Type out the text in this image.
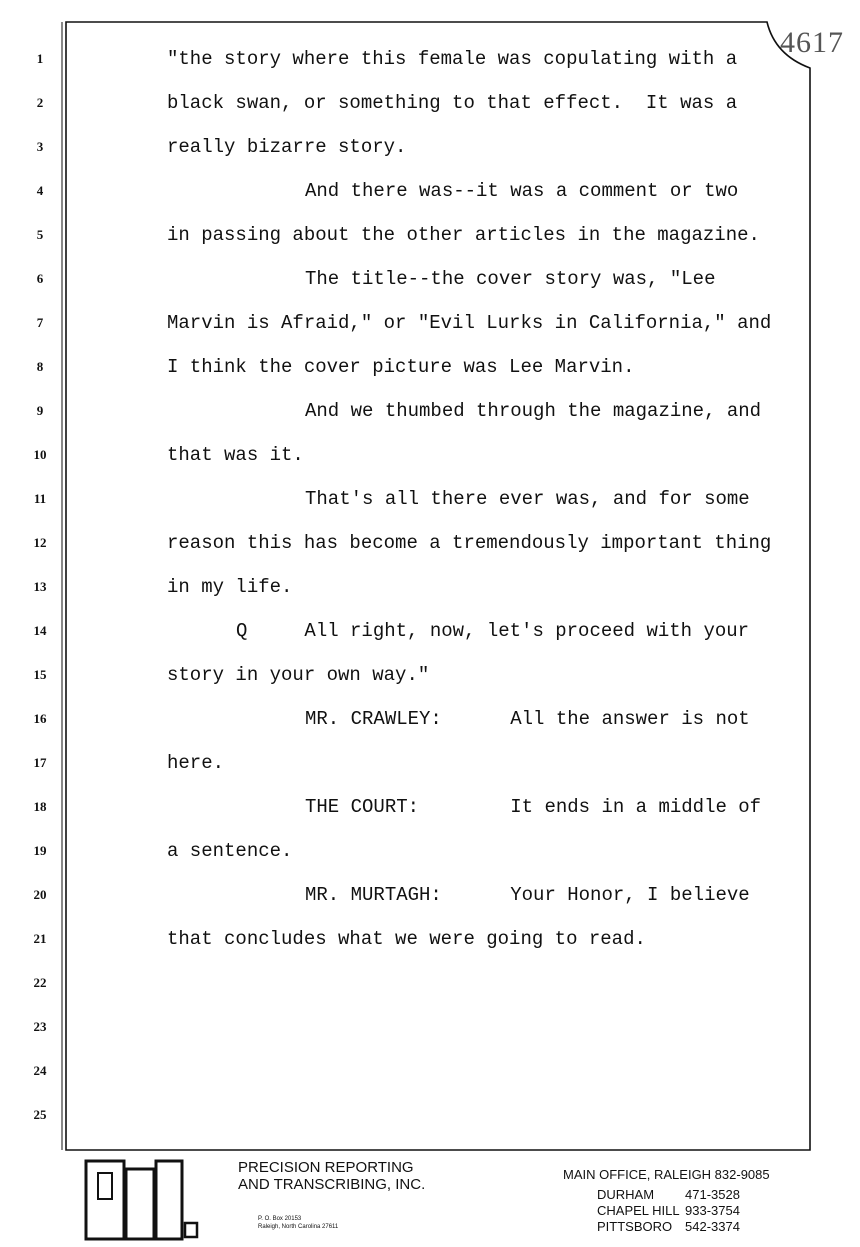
4617
1	"the story where this female was copulating with a
2	black swan, or something to that effect.  It was a
3	really bizarre story.
4	And there was--it was a comment or two
5	in passing about the other articles in the magazine.
6	The title--the cover story was, "Lee
7	Marvin is Afraid," or "Evil Lurks in California," and
8	I think the cover picture was Lee Marvin.
9	And we thumbed through the magazine, and
10	that was it.
11	That's all there ever was, and for some
12	reason this has become a tremendously important thing
13	in my life.
14	Q     All right, now, let's proceed with your
15	story in your own way."
16	MR. CRAWLEY:      All the answer is not
17	here.
18	THE COURT:        It ends in a middle of
19	a sentence.
20	MR. MURTAGH:      Your Honor, I believe
21	that concludes what we were going to read.
22
23
24
25
PRECISION REPORTING
AND TRANSCRIBING, INC.
P. O. Box 20153
Raleigh, North Carolina 27611
MAIN OFFICE, RALEIGH 832-9085
DURHAM 471-3528
CHAPEL HILL 933-3754
PITTSBORO 542-3374
